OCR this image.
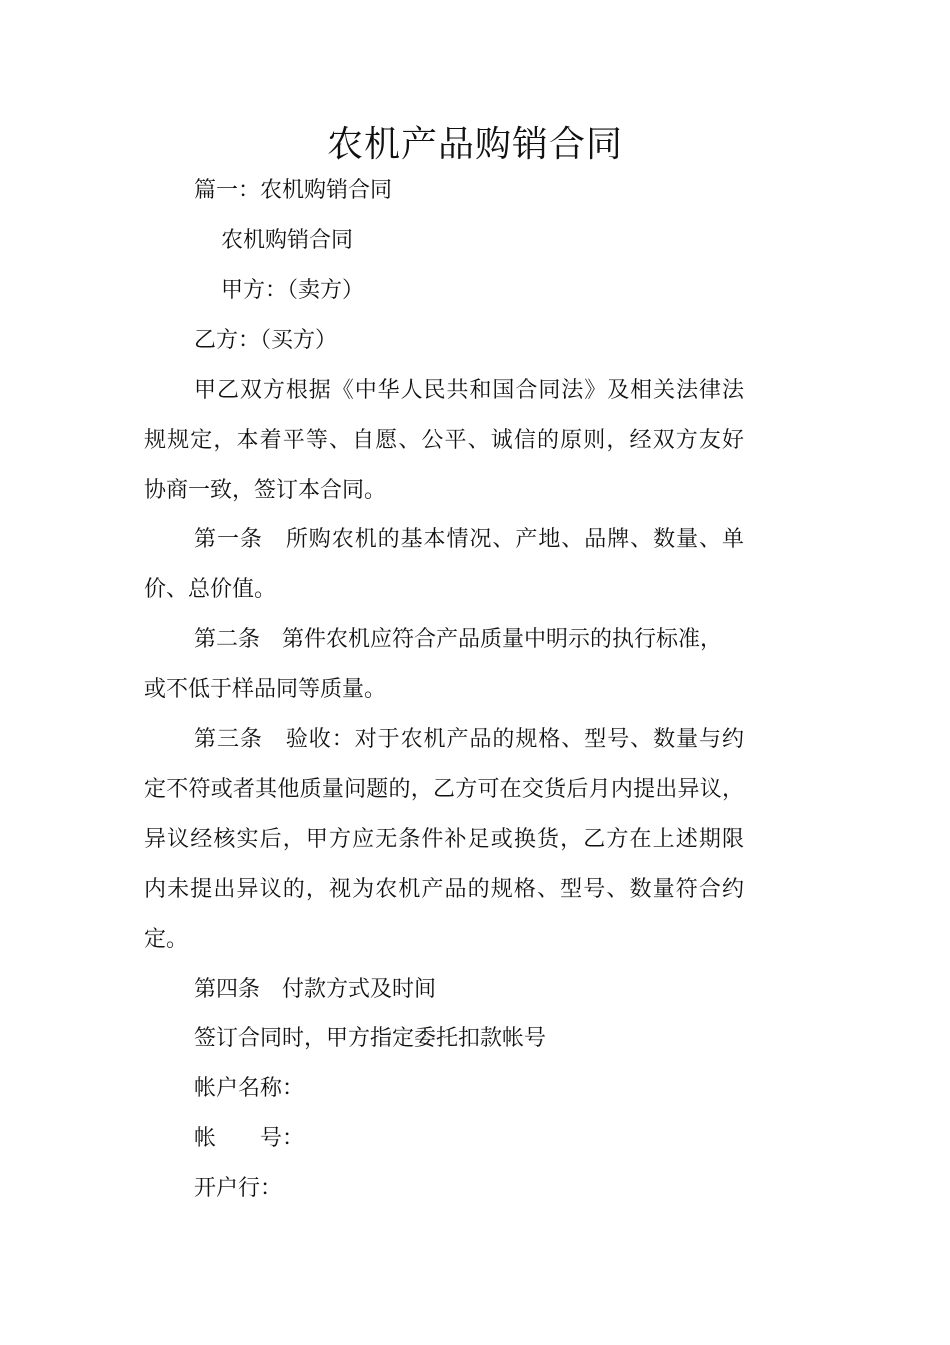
农机产品购销合同
篇一：农机购销合同
农机购销合同
甲方：（卖方）
乙方：（买方）
甲乙双方根据《中华人民共和国合同法》及相关法律法
规规定，本着平等、自愿、公平、诚信的原则，经双方友好
协商一致，签订本合同。
第一条　所购农机的基本情况、产地、品牌、数量、单
价、总价值。
第二条　第件农机应符合产品质量中明示的执行标准，
或不低于样品同等质量。
第三条　验收：对于农机产品的规格、型号、数量与约
定不符或者其他质量问题的，乙方可在交货后月内提出异议，
异议经核实后，甲方应无条件补足或换货，乙方在上述期限
内未提出异议的，视为农机产品的规格、型号、数量符合约
定。
第四条　付款方式及时间
签订合同时，甲方指定委托扣款帐号
帐户名称：
帐　　号：
开户行：
